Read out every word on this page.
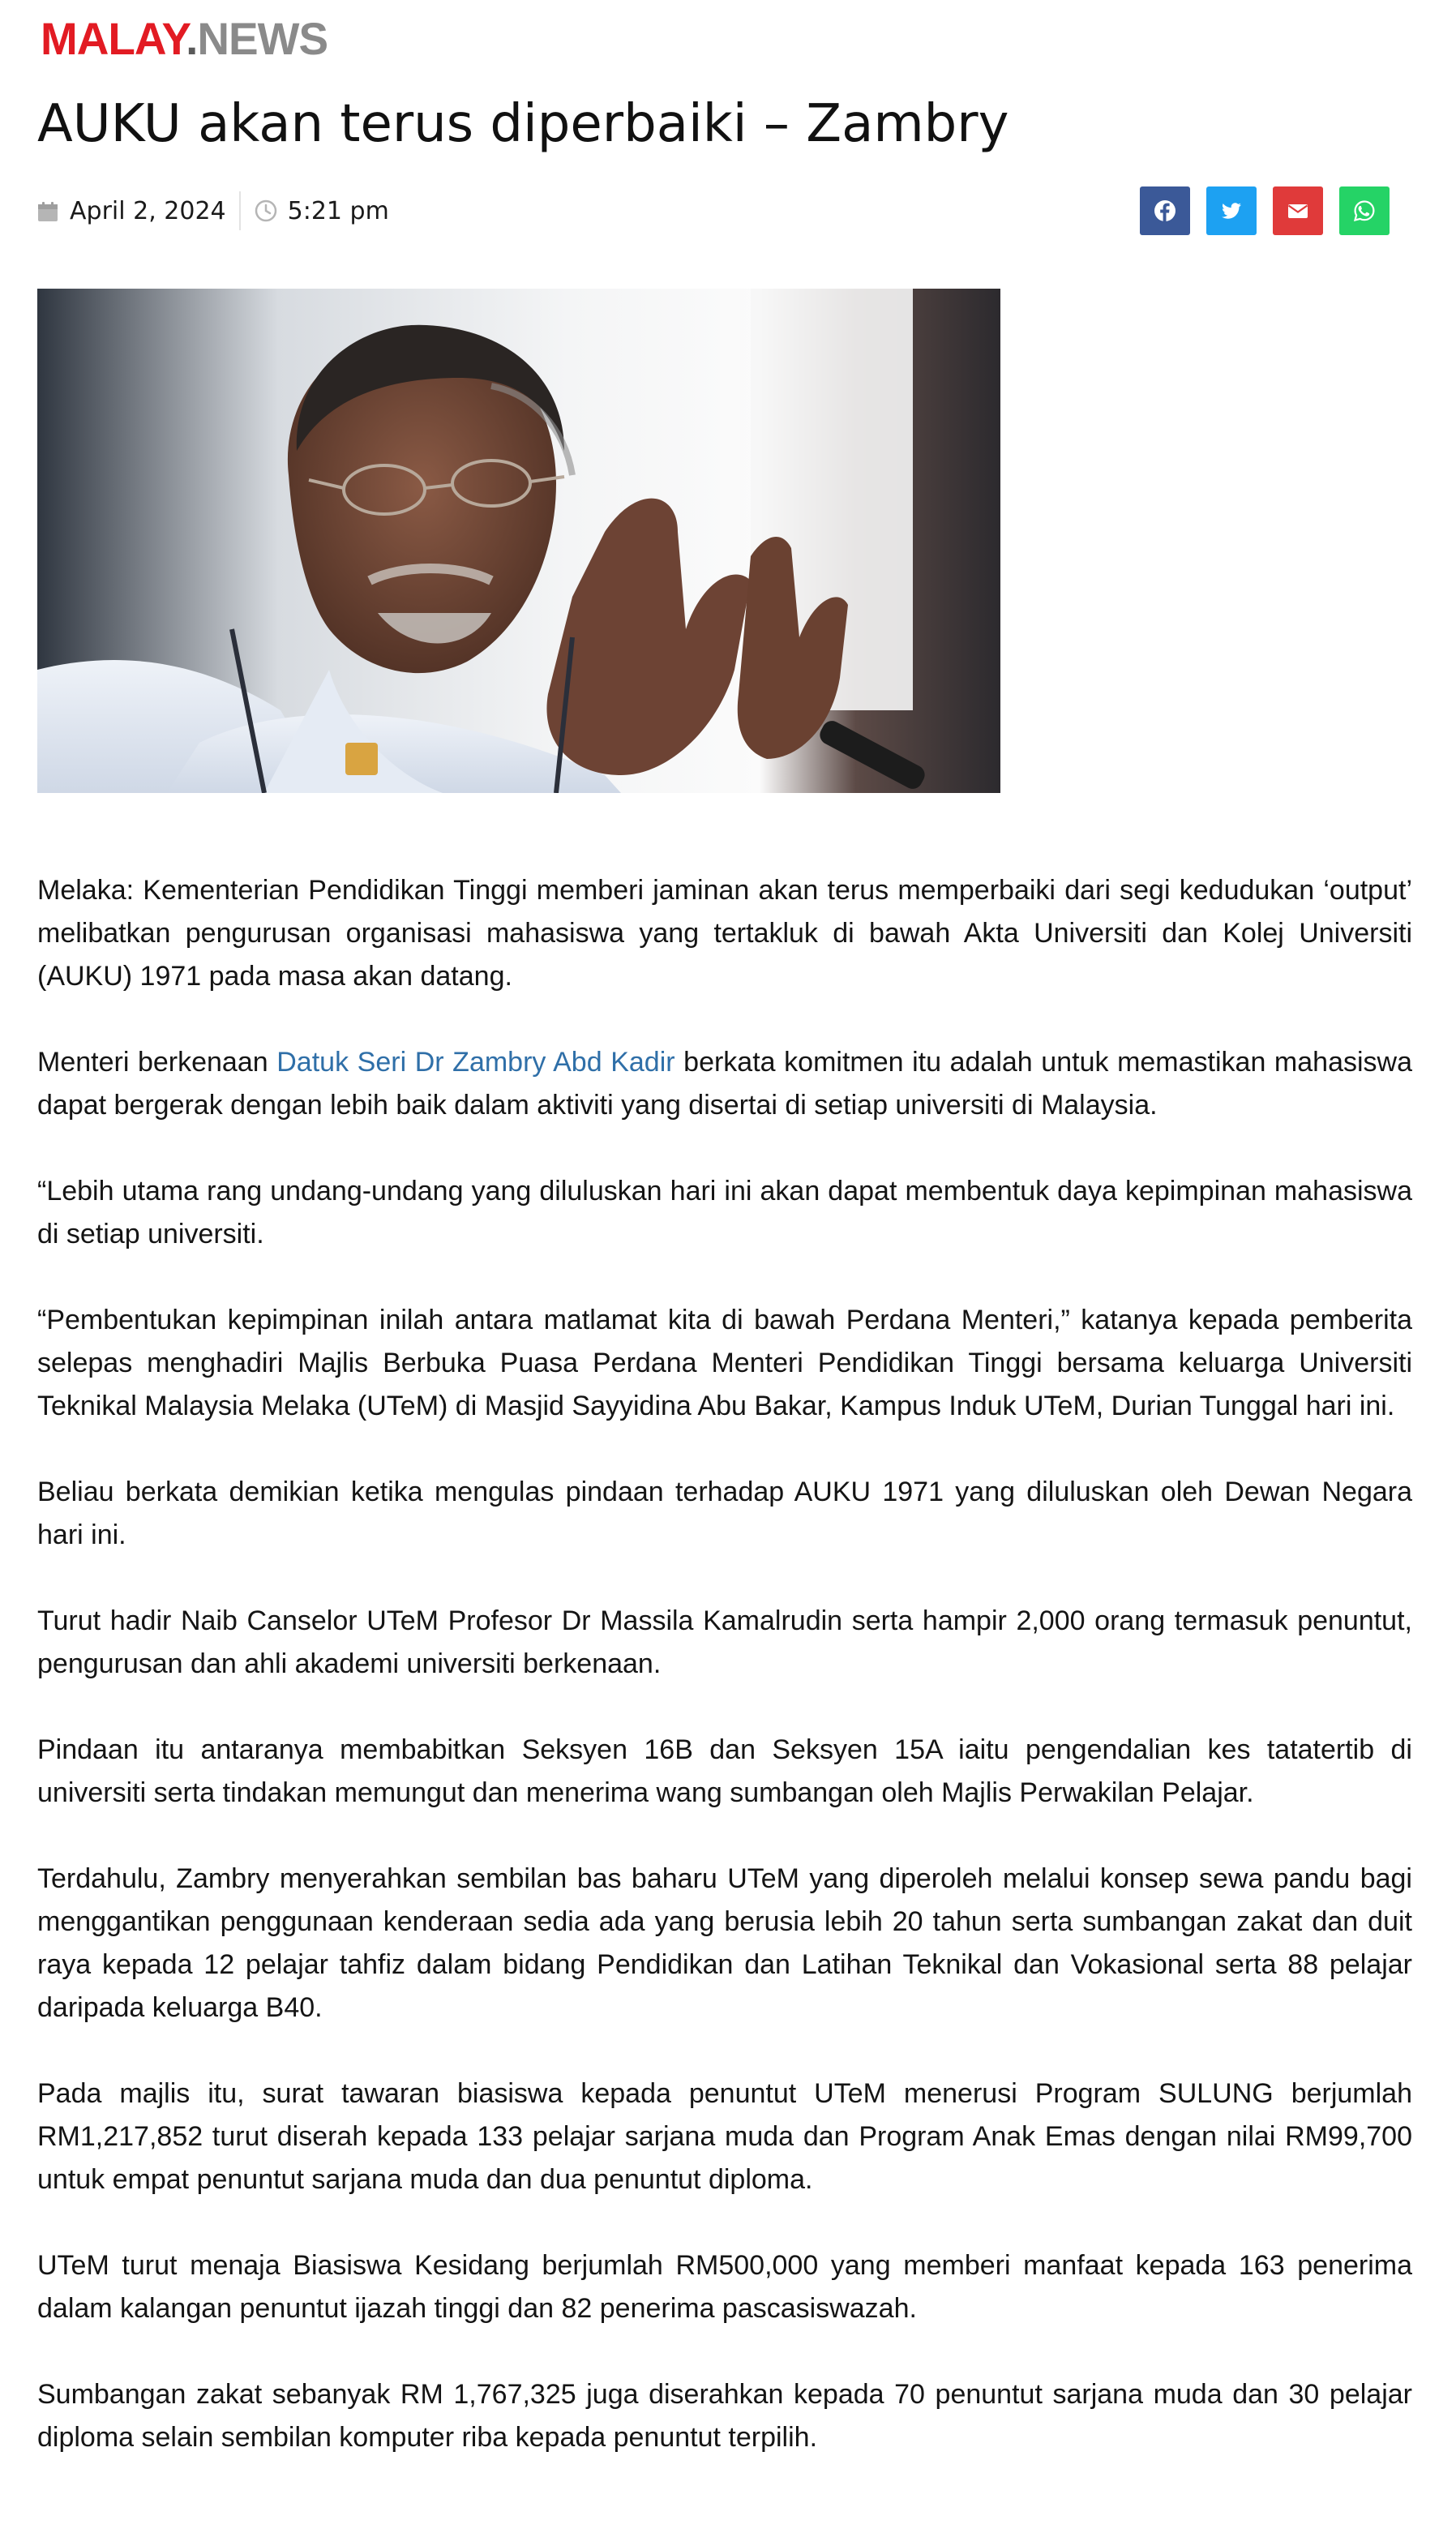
MALAY.NEWS
AUKU akan terus diperbaiki – Zambry
April 2, 2024	5:21 pm

Melaka: Kementerian Pendidikan Tinggi memberi jaminan akan terus memperbaiki dari segi kedudukan ‘output’ melibatkan pengurusan organisasi mahasiswa yang tertakluk di bawah Akta Universiti dan Kolej Universiti (AUKU) 1971 pada masa akan datang.

Menteri berkenaan Datuk Seri Dr Zambry Abd Kadir berkata komitmen itu adalah untuk memastikan mahasiswa dapat bergerak dengan lebih baik dalam aktiviti yang disertai di setiap universiti di Malaysia.

“Lebih utama rang undang-undang yang diluluskan hari ini akan dapat membentuk daya kepimpinan mahasiswa di setiap universiti.

“Pembentukan kepimpinan inilah antara matlamat kita di bawah Perdana Menteri,” katanya kepada pemberita selepas menghadiri Majlis Berbuka Puasa Perdana Menteri Pendidikan Tinggi bersama keluarga Universiti Teknikal Malaysia Melaka (UTeM) di Masjid Sayyidina Abu Bakar, Kampus Induk UTeM, Durian Tunggal hari ini.

Beliau berkata demikian ketika mengulas pindaan terhadap AUKU 1971 yang diluluskan oleh Dewan Negara hari ini.

Turut hadir Naib Canselor UTeM Profesor Dr Massila Kamalrudin serta hampir 2,000 orang termasuk penuntut, pengurusan dan ahli akademi universiti berkenaan.

Pindaan itu antaranya membabitkan Seksyen 16B dan Seksyen 15A iaitu pengendalian kes tatatertib di universiti serta tindakan memungut dan menerima wang sumbangan oleh Majlis Perwakilan Pelajar.

Terdahulu, Zambry menyerahkan sembilan bas baharu UTeM yang diperoleh melalui konsep sewa pandu bagi menggantikan penggunaan kenderaan sedia ada yang berusia lebih 20 tahun serta sumbangan zakat dan duit raya kepada 12 pelajar tahfiz dalam bidang Pendidikan dan Latihan Teknikal dan Vokasional serta 88 pelajar daripada keluarga B40.

Pada majlis itu, surat tawaran biasiswa kepada penuntut UTeM menerusi Program SULUNG berjumlah RM1,217,852 turut diserah kepada 133 pelajar sarjana muda dan Program Anak Emas dengan nilai RM99,700 untuk empat penuntut sarjana muda dan dua penuntut diploma.

UTeM turut menaja Biasiswa Kesidang berjumlah RM500,000 yang memberi manfaat kepada 163 penerima dalam kalangan penuntut ijazah tinggi dan 82 penerima pascasiswazah.

Sumbangan zakat sebanyak RM 1,767,325 juga diserahkan kepada 70 penuntut sarjana muda dan 30 pelajar diploma selain sembilan komputer riba kepada penuntut terpilih.
